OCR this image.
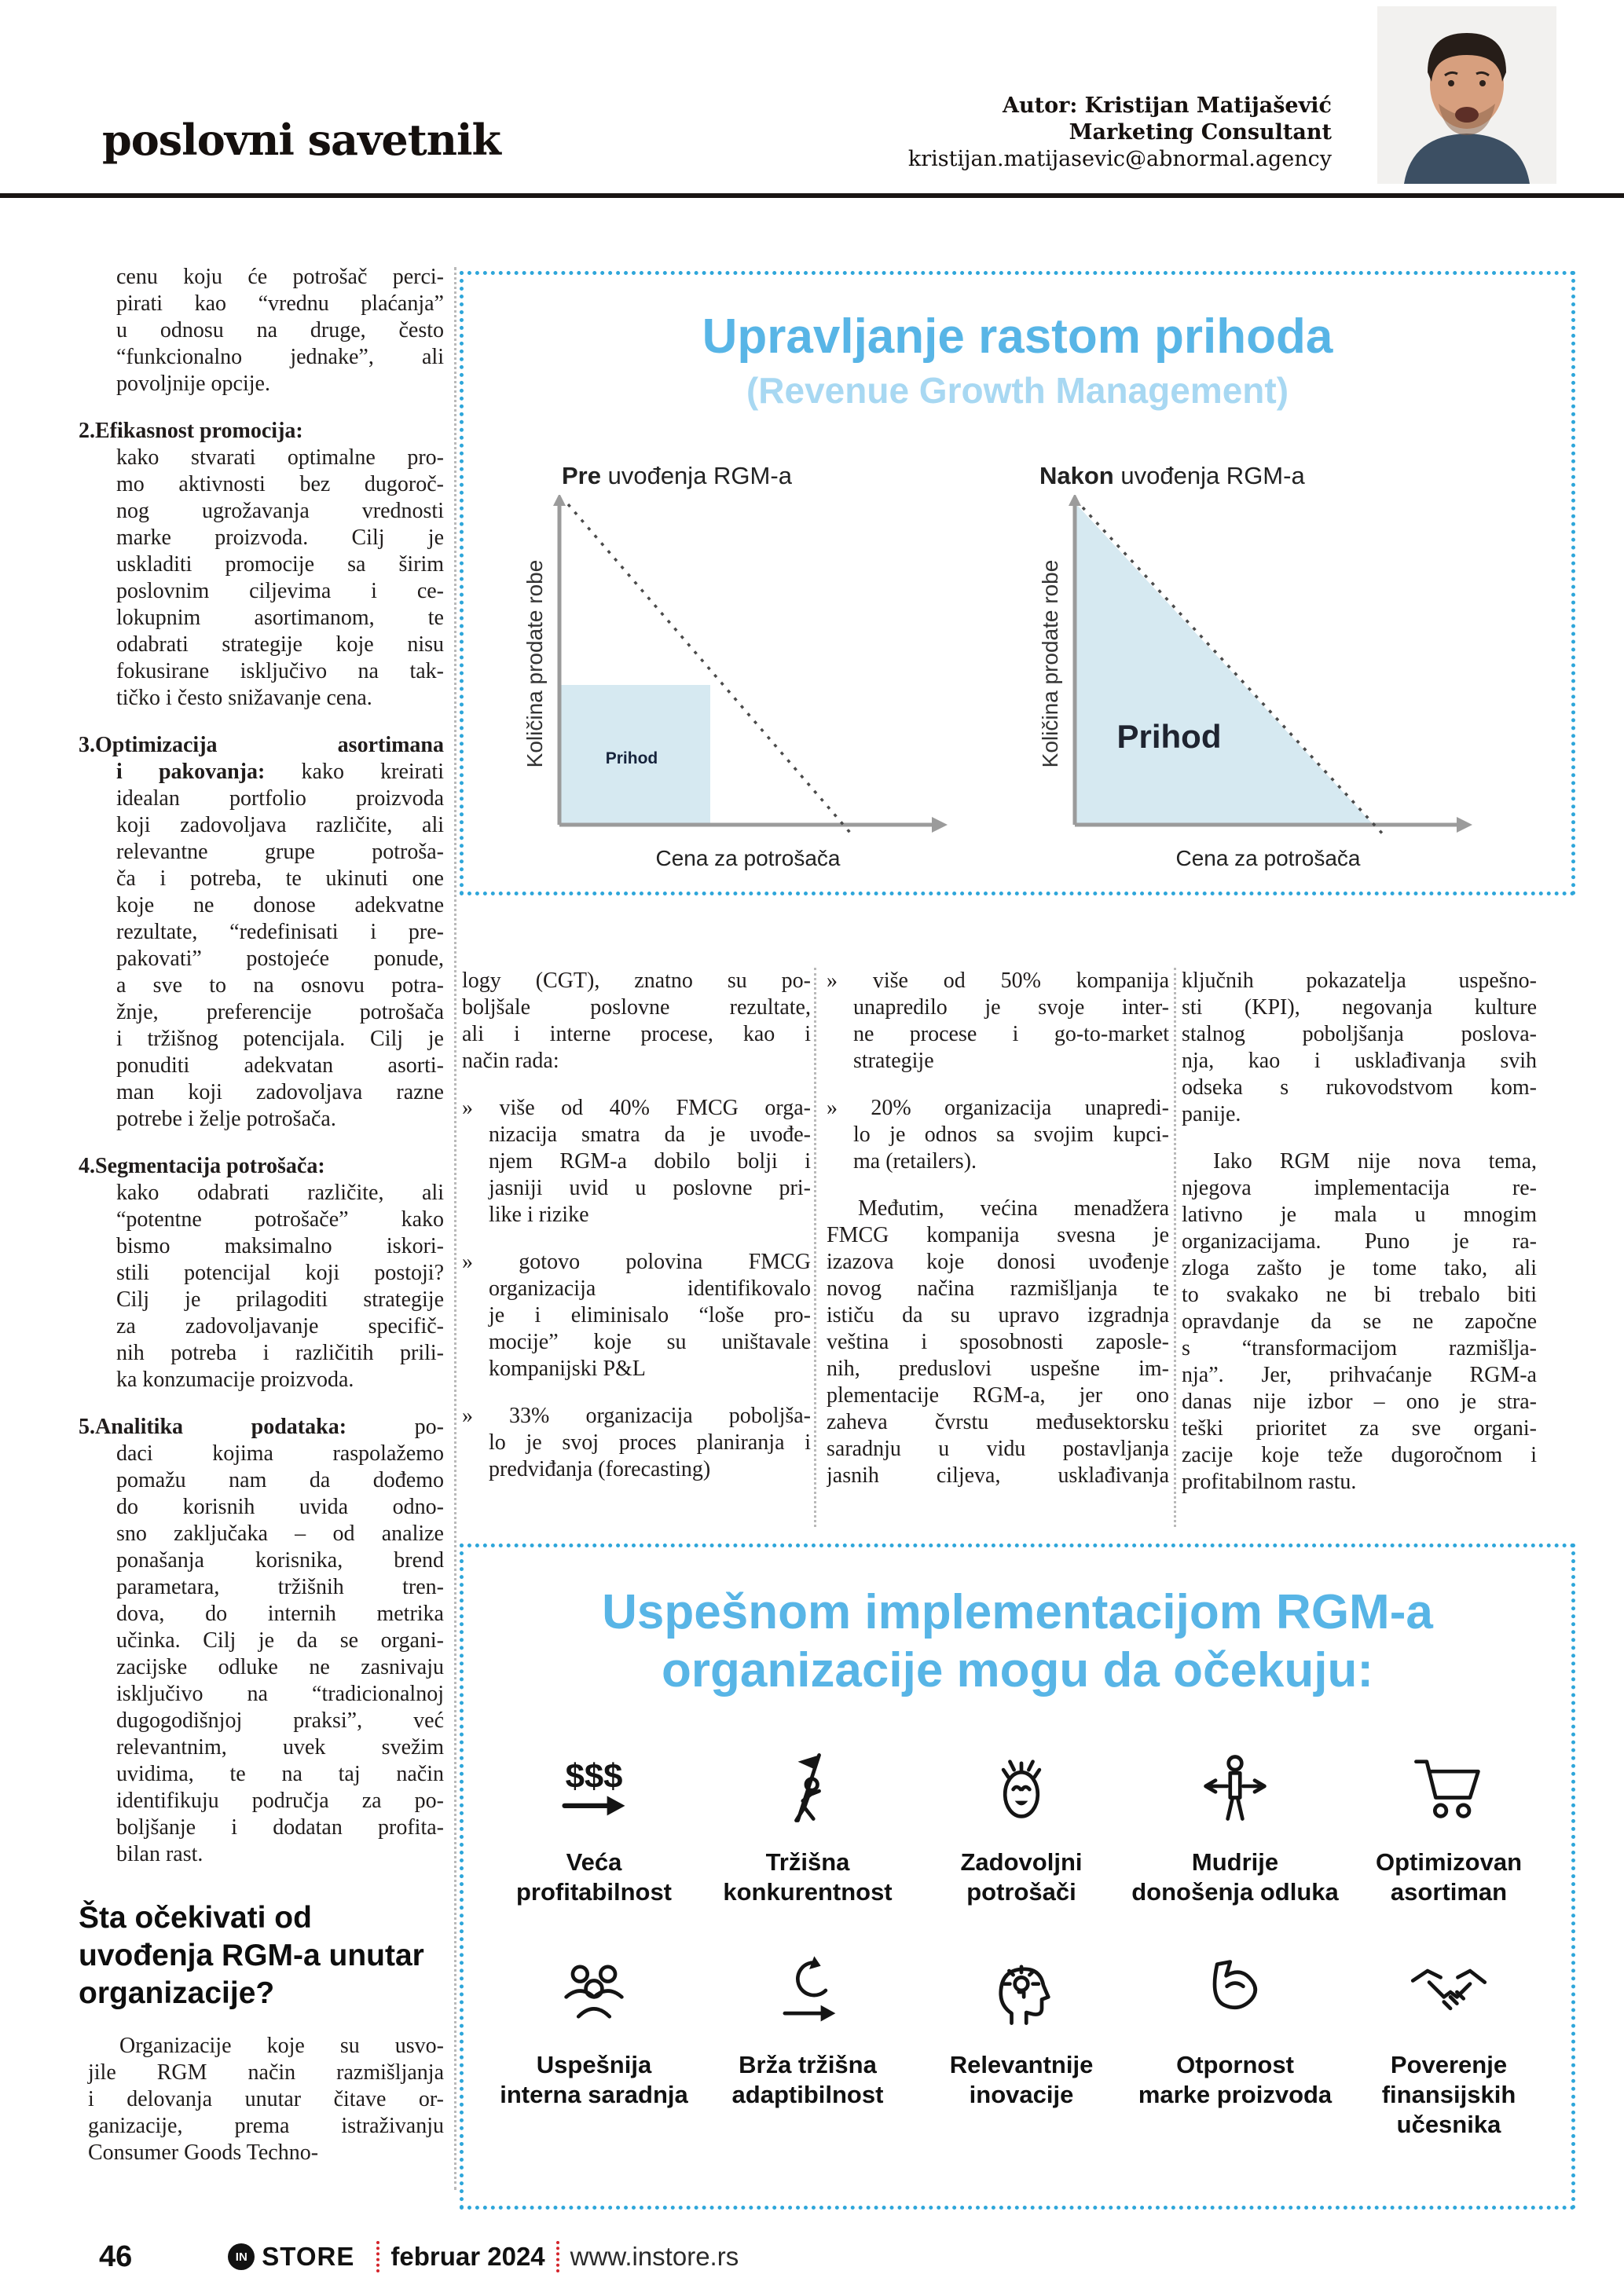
poslovni savetnik
Autor: Kristijan Matijašević
Marketing Consultant
kristijan.matijasevic@abnormal.agency
Upravljanje rastom prihoda
(Revenue Growth Management)
Pre uvođenja RGM-a	Nakon uvođenja RGM-a
Prihod
Cena za potrošača
Količina prodate robe	Prihod
Cena za potrošača
Količina prodate robe
cenu koju će potrošač perci-
pirati kao “vrednu plaćanja”
u odnosu na druge, često
“funkcionalno jednake”, ali
povoljnije opcije.
2.Efikasnost promocija:
kako stvarati optimalne pro-
mo aktivnosti bez dugoroč-
nog ugrožavanja vrednosti
marke proizvoda. Cilj je
uskladiti promocije sa širim
poslovnim ciljevima i ce-
lokupnim asortimanom, te
odabrati strategije koje nisu
fokusirane isključivo na tak-
tičko i često snižavanje cena.
3.Optimizacija asortimana
i pakovanja: kako kreirati
idealan portfolio proizvoda
koji zadovoljava različite, ali
relevantne grupe potroša-
ča i potreba, te ukinuti one
koje ne donose adekvatne
rezultate, “redefinisati i pre-
pakovati” postojeće ponude,
a sve to na osnovu potra-
žnje, preferencije potrošača
i tržišnog potencijala. Cilj je
ponuditi adekvatan asorti-
man koji zadovoljava razne
potrebe i želje potrošača.
4.Segmentacija potrošača:
kako odabrati različite, ali
“potentne potrošače” kako
bismo maksimalno iskori-
stili potencijal koji postoji?
Cilj je prilagoditi strategije
za zadovoljavanje specifič-
nih potreba i različitih prili-
ka konzumacije proizvoda.
5.Analitika podataka: po-
daci kojima raspolažemo
pomažu nam da dođemo
do korisnih uvida odno-
sno zaključaka – od analize
ponašanja korisnika, brend
parametara, tržišnih tren-
dova, do internih metrika
učinka. Cilj je da se organi-
zacijske odluke ne zasnivaju
isključivo na “tradicionalnoj
dugogodišnjoj praksi”, već
relevantnim, uvek svežim
uvidima, te na taj način
identifikuju područja za po-
boljšanje i dodatan profita-
bilan rast.
Šta očekivati od
uvođenja RGM-a unutar
organizacije?
Organizacije koje su usvo-
jile RGM način razmišljanja
i delovanja unutar čitave or-
ganizacije, prema istraživanju
Consumer Goods Techno-
logy (CGT), znatno su po-
boljšale poslovne rezultate,
ali i interne procese, kao i
način rada:
» više od 40% FMCG orga-
nizacija smatra da je uvođe-
njem RGM-a dobilo bolji i
jasniji uvid u poslovne pri-
like i rizike
» gotovo polovina FMCG
organizacija identifikovalo
je i eliminisalo “loše pro-
mocije” koje su uništavale
kompanijski P&L
» 33% organizacija poboljša-
lo je svoj proces planiranja i
predviđanja (forecasting)
» više od 50% kompanija
unapredilo je svoje inter-
ne procese i go-to-market
strategije
» 20% organizacija unapredi-
lo je odnos sa svojim kupci-
ma (retailers).
Međutim, većina menadžera
FMCG kompanija svesna je
izazova koje donosi uvođenje
novog načina razmišljanja te
ističu da su upravo izgradnja
veština i sposobnosti zaposle-
nih, preduslovi uspešne im-
plementacije RGM-a, jer ono
zaheva čvrstu međusektorsku
saradnju u vidu postavljanja
jasnih ciljeva, usklađivanja
ključnih pokazatelja uspešno-
sti (KPI), negovanja kulture
stalnog poboljšanja poslova-
nja, kao i usklađivanja svih
odseka s rukovodstvom kom-
panije.
Iako RGM nije nova tema,
njegova implementacija re-
lativno je mala u mnogim
organizacijama. Puno je ra-
zloga zašto je tome tako, ali
to svakako ne bi trebalo biti
opravdanje da se ne započne
s “transformacijom razmišlja-
nja”. Jer, prihvaćanje RGM-a
danas nije izbor – ono je stra-
teški prioritet za sve organi-
zacije koje teže dugoročnom i
profitabilnom rastu.
Uspešnom implementacijom RGM-a
organizacije mogu da očekuju:
$$$
Veća
profitabilnost
Tržišna
konkurentnost
Zadovoljni
potrošači
Mudrije
donošenja odluka
Optimizovan
asortiman
Uspešnija
interna saradnja
Brža tržišna
adaptibilnost
Relevantnije
inovacije
Otpornost
marke proizvoda
Poverenje
finansijskih
učesnika
46	IN STORE februar 2024 www.instore.rs
